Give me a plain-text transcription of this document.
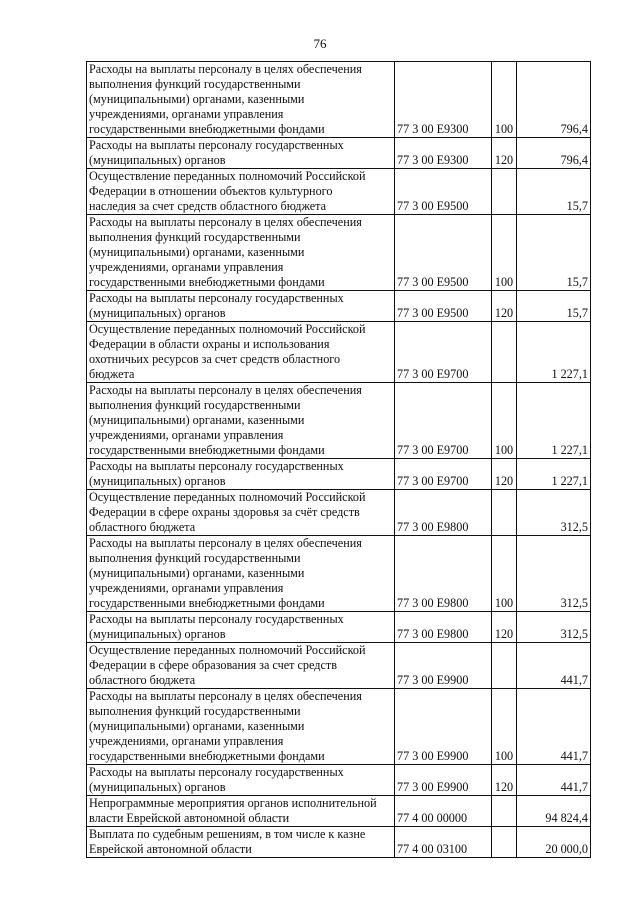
76
Расходы на выплаты персоналу в целях обеспечения
выполнения функций государственными
(муниципальными) органами, казенными
учреждениями, органами управления
государственными внебюджетными фондами	77 3 00 E9300	100	796,4

Расходы на выплаты персоналу государственных
(муниципальных) органов	77 3 00 E9300	120	796,4

Осуществление переданных полномочий Российской
Федерации в отношении объектов культурного
наследия за счет средств областного бюджета	77 3 00 E9500		15,7

Расходы на выплаты персоналу в целях обеспечения
выполнения функций государственными
(муниципальными) органами, казенными
учреждениями, органами управления
государственными внебюджетными фондами	77 3 00 E9500	100	15,7

Расходы на выплаты персоналу государственных
(муниципальных) органов	77 3 00 E9500	120	15,7

Осуществление переданных полномочий Российской
Федерации в области охраны и использования
охотничьих ресурсов за счет средств областного
бюджета	77 3 00 E9700		1 227,1

Расходы на выплаты персоналу в целях обеспечения
выполнения функций государственными
(муниципальными) органами, казенными
учреждениями, органами управления
государственными внебюджетными фондами	77 3 00 E9700	100	1 227,1

Расходы на выплаты персоналу государственных
(муниципальных) органов	77 3 00 E9700	120	1 227,1

Осуществление переданных полномочий Российской
Федерации в сфере охраны здоровья за счёт средств
областного бюджета	77 3 00 E9800		312,5

Расходы на выплаты персоналу в целях обеспечения
выполнения функций государственными
(муниципальными) органами, казенными
учреждениями, органами управления
государственными внебюджетными фондами	77 3 00 E9800	100	312,5

Расходы на выплаты персоналу государственных
(муниципальных) органов	77 3 00 E9800	120	312,5

Осуществление переданных полномочий Российской
Федерации в сфере образования за счет средств
областного бюджета	77 3 00 E9900		441,7

Расходы на выплаты персоналу в целях обеспечения
выполнения функций государственными
(муниципальными) органами, казенными
учреждениями, органами управления
государственными внебюджетными фондами	77 3 00 E9900	100	441,7

Расходы на выплаты персоналу государственных
(муниципальных) органов	77 3 00 E9900	120	441,7

Непрограммные мероприятия органов исполнительной
власти Еврейской автономной области	77 4 00 00000		94 824,4

Выплата по судебным решениям, в том числе к казне
Еврейской автономной области	77 4 00 03100		20 000,0
